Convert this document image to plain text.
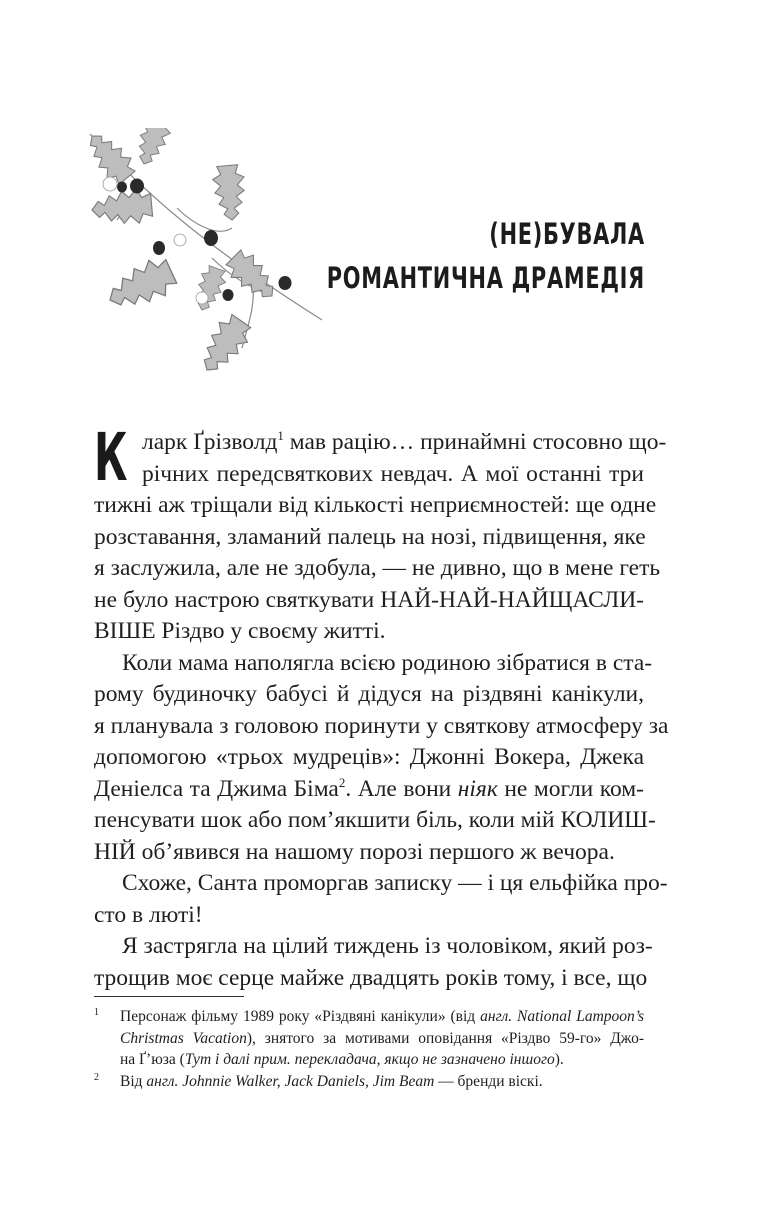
(НЕ)БУВАЛА
РОМАНТИЧНА ДРАМЕДІЯ
К ларк Ґрізволд$^1$ мав рацію… принаймні стосовно що-
річних передсвяткових невдач. А мої останні три
тижні аж тріщали від кількості неприємностей: ще одне
розставання, зламаний палець на нозі, підвищення, яке
я заслужила, але не здобула, — не дивно, що в мене геть
не було настрою святкувати НАЙ-НАЙ-НАЙЩАСЛИ-
ВІШЕ Різдво у своєму житті.
Коли мама наполягла всією родиною зібратися в ста-
рому будиночку бабусі й дідуся на різдвяні канікули,
я планувала з головою поринути у святкову атмосферу за
допомогою «трьох мудреців»: Джонні Вокера, Джека
Деніелса та Джима Біма$^2$. Але вони ніяк не могли ком-
пенсувати шок або пом’якшити біль, коли мій КОЛИШ-
НІЙ об’явився на нашому порозі першого ж вечора.
Схоже, Санта проморгав записку — і ця ельфійка про-
сто в люті!
Я застрягла на цілий тиждень із чоловіком, який роз-
трощив моє серце майже двадцять років тому, і все, що
1 Персонаж фільму 1989 року «Різдвяні канікули» (від англ. National Lampoon’s
Christmas Vacation), знятого за мотивами оповідання «Різдво 59-го» Джо-
на Ґ’юза (Тут і далі прим. перекладача, якщо не зазначено іншого).
2 Від англ. Johnnie Walker, Jack Daniels, Jim Beam — бренди віскі.
